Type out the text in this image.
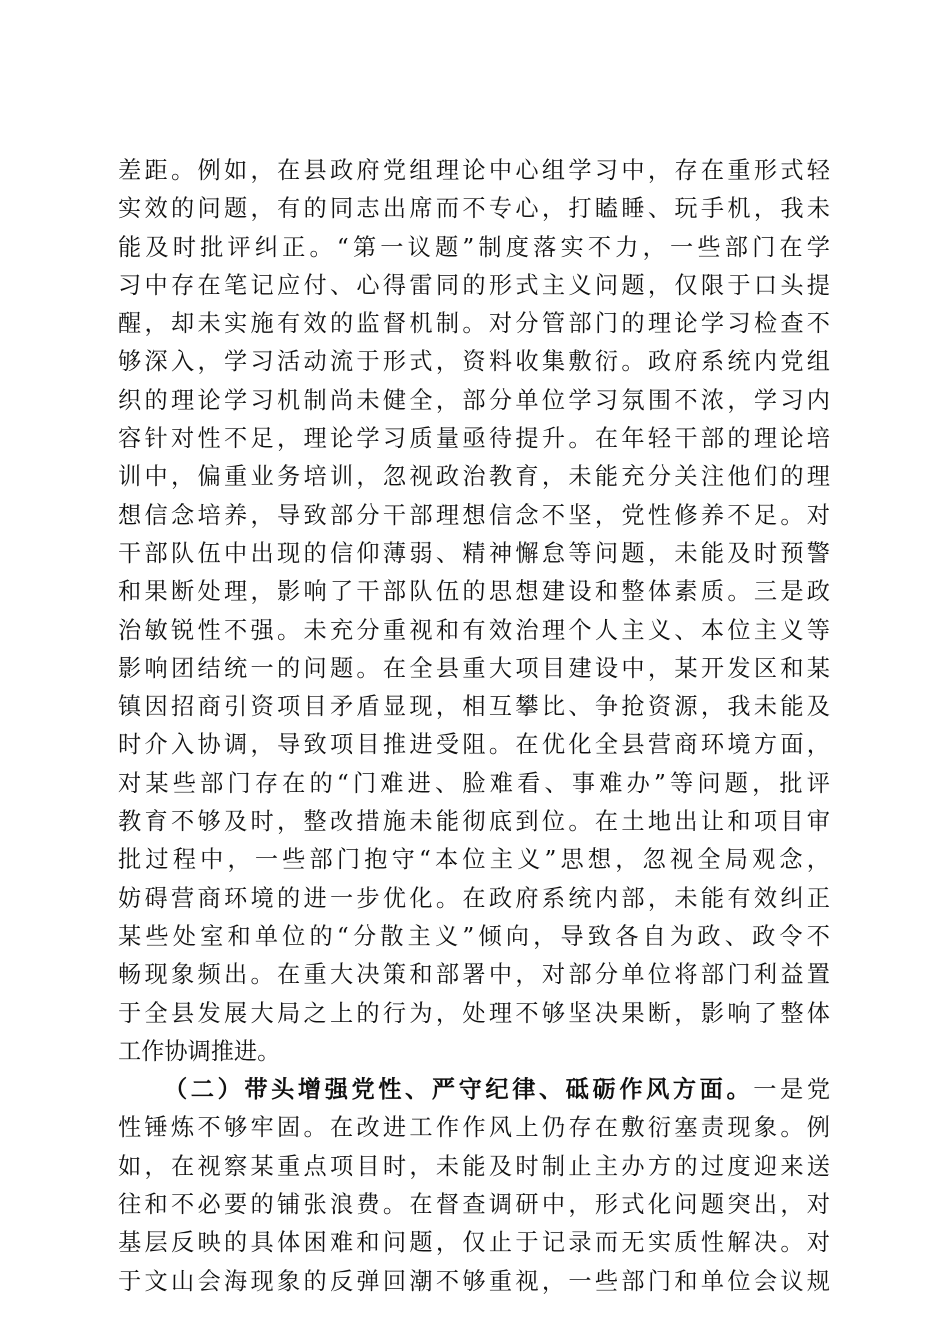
差距。例如，在县政府党组理论中心组学习中，存在重形式轻
实效的问题，有的同志出席而不专心，打瞌睡、玩手机，我未
能及时批评纠正。“第一议题”制度落实不力，一些部门在学
习中存在笔记应付、心得雷同的形式主义问题，仅限于口头提
醒，却未实施有效的监督机制。对分管部门的理论学习检查不
够深入，学习活动流于形式，资料收集敷衍。政府系统内党组
织的理论学习机制尚未健全，部分单位学习氛围不浓，学习内
容针对性不足，理论学习质量亟待提升。在年轻干部的理论培
训中，偏重业务培训，忽视政治教育，未能充分关注他们的理
想信念培养，导致部分干部理想信念不坚，党性修养不足。对
干部队伍中出现的信仰薄弱、精神懈怠等问题，未能及时预警
和果断处理，影响了干部队伍的思想建设和整体素质。三是政
治敏锐性不强。未充分重视和有效治理个人主义、本位主义等
影响团结统一的问题。在全县重大项目建设中，某开发区和某
镇因招商引资项目矛盾显现，相互攀比、争抢资源，我未能及
时介入协调，导致项目推进受阻。在优化全县营商环境方面，
对某些部门存在的“门难进、脸难看、事难办”等问题，批评
教育不够及时，整改措施未能彻底到位。在土地出让和项目审
批过程中，一些部门抱守“本位主义”思想，忽视全局观念，
妨碍营商环境的进一步优化。在政府系统内部，未能有效纠正
某些处室和单位的“分散主义”倾向，导致各自为政、政令不
畅现象频出。在重大决策和部署中，对部分单位将部门利益置
于全县发展大局之上的行为，处理不够坚决果断，影响了整体
工作协调推进。
（二）带头增强党性、严守纪律、砥砺作风方面。一是党
性锤炼不够牢固。在改进工作作风上仍存在敷衍塞责现象。例
如，在视察某重点项目时，未能及时制止主办方的过度迎来送
往和不必要的铺张浪费。在督查调研中，形式化问题突出，对
基层反映的具体困难和问题，仅止于记录而无实质性解决。对
于文山会海现象的反弹回潮不够重视，一些部门和单位会议规
